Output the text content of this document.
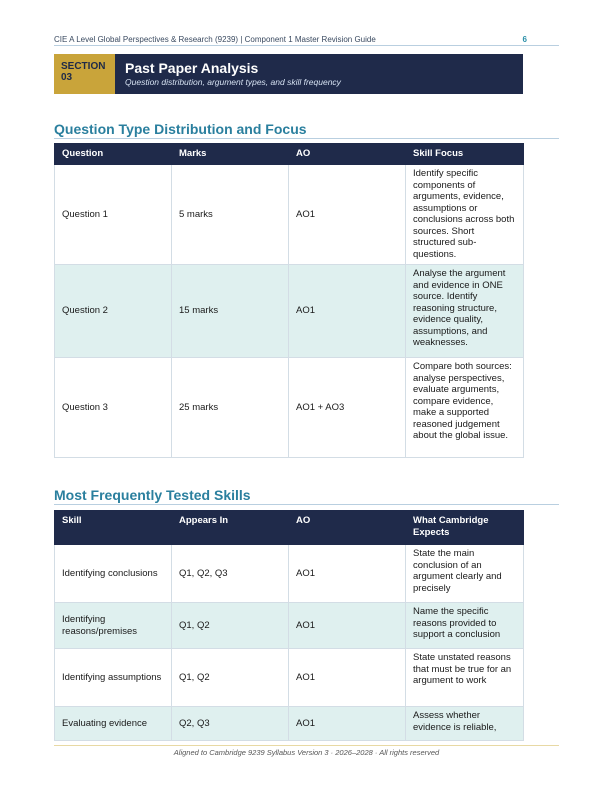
CIE A Level Global Perspectives & Research (9239) | Component 1 Master Revision Guide	6
SECTION
03
Past Paper Analysis
Question distribution, argument types, and skill frequency
Question Type Distribution and Focus
Question	Marks	AO	Skill Focus
Question 1	5 marks	AO1	Identify specific components of arguments, evidence, assumptions or conclusions across both sources. Short structured sub-questions.
Question 2	15 marks	AO1	Analyse the argument and evidence in ONE source. Identify reasoning structure, evidence quality, assumptions, and weaknesses.
Question 3	25 marks	AO1 + AO3	Compare both sources: analyse perspectives, evaluate arguments, compare evidence, make a supported reasoned judgement about the global issue.
Most Frequently Tested Skills
Skill	Appears In	AO	What Cambridge Expects
Identifying conclusions	Q1, Q2, Q3	AO1	State the main conclusion of an argument clearly and precisely
Identifying reasons/premises	Q1, Q2	AO1	Name the specific reasons provided to support a conclusion
Identifying assumptions	Q1, Q2	AO1	State unstated reasons that must be true for an argument to work
Evaluating evidence	Q2, Q3	AO1	Assess whether evidence is reliable,
Aligned to Cambridge 9239 Syllabus Version 3 · 2026–2028 · All rights reserved
